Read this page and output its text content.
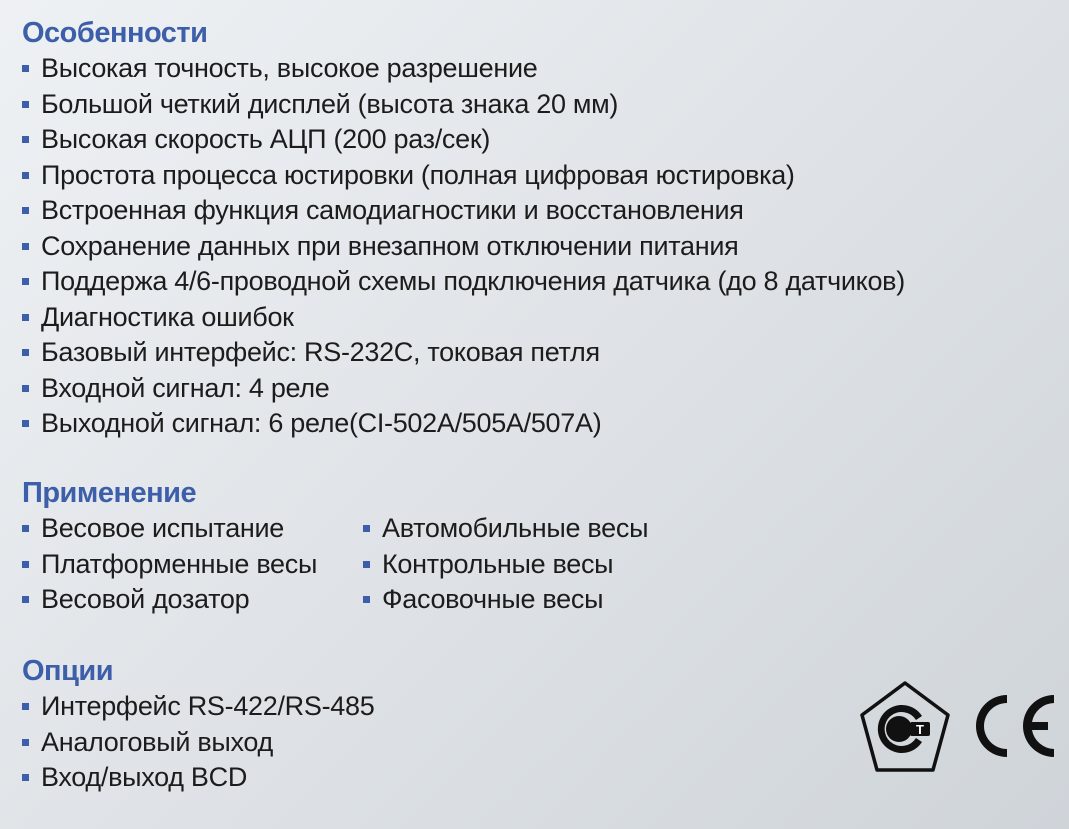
Особенности
Высокая точность, высокое разрешение
Большой четкий дисплей (высота знака 20 мм)
Высокая скорость АЦП (200 раз/сек)
Простота процесса юстировки (полная цифровая юстировка)
Встроенная функция самодиагностики и восстановления
Сохранение данных при внезапном отключении питания
Поддержа 4/6-проводной схемы подключения датчика (до 8 датчиков)
Диагностика ошибок
Базовый интерфейс: RS-232C, токовая петля
Входной сигнал: 4 реле
Выходной сигнал: 6 реле(CI-502A/505A/507A)
Применение
Весовое испытание
Платформенные весы
Весовой дозатор
Автомобильные весы
Контрольные весы
Фасовочные весы
Опции
Интерфейс RS-422/RS-485
Аналоговый выход
Вход/выход BCD
Т
